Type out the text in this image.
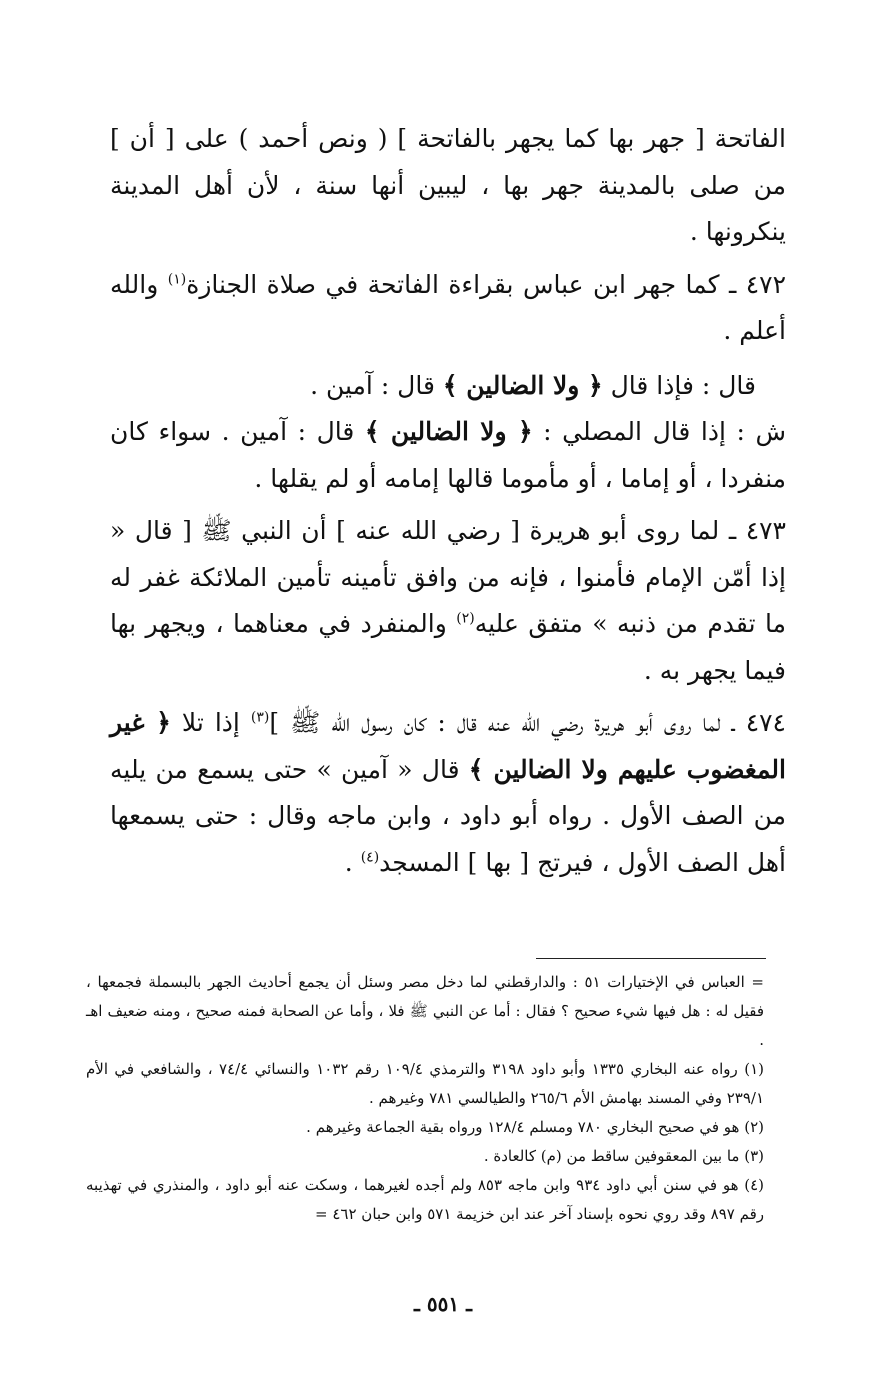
الفاتحة [ جهر بها كما يجهر بالفاتحة ] ( ونص أحمد ) على [ أن ] من صلى بالمدينة جهر بها ، ليبين أنها سنة ، لأن أهل المدينة ينكرونها .

٤٧٢ ـ كما جهر ابن عباس بقراءة الفاتحة في صلاة الجنازة$^{(١)}$ والله أعلم .

قال : فإذا قال ﴿ ولا الضالين ﴾ قال : آمين .

ش : إذا قال المصلي : ﴿ ولا الضالين ﴾ قال : آمين . سواء كان منفردا ، أو إماما ، أو مأموما قالها إمامه أو لم يقلها .

٤٧٣ ـ لما روى أبو هريرة [ رضي الله عنه ] أن النبي ﷺ [ قال « إذا أمّن الإمام فأمنوا ، فإنه من وافق تأمينه تأمين الملائكة غفر له ما تقدم من ذنبه » متفق عليه$^{(٢)}$ والمنفرد في معناهما ، ويجهر بها فيما يجهر به .

٤٧٤ ـ لما روى أبو هريرة رضي الله عنه قال : كان رسول الله ﷺ ]$^{(٣)}$ إذا تلا ﴿ غير المغضوب عليهم ولا الضالين ﴾ قال « آمين » حتى يسمع من يليه من الصف الأول . رواه أبو داود ، وابن ماجه وقال : حتى يسمعها أهل الصف الأول ، فيرتج [ بها ] المسجد$^{(٤)}$ .

= العباس في الإختيارات ٥١ : والدارقطني لما دخل مصر وسئل أن يجمع أحاديث الجهر بالبسملة فجمعها ، فقيل له : هل فيها شيء صحيح ؟ فقال : أما عن النبي ﷺ فلا ، وأما عن الصحابة فمنه صحيح ، ومنه ضعيف اهـ .

(١) رواه عنه البخاري ١٣٣٥ وأبو داود ٣١٩٨ والترمذي ١٠٩/٤ رقم ١٠٣٢ والنسائي ٧٤/٤ ، والشافعي في الأم ٢٣٩/١ وفي المسند بهامش الأم ٢٦٥/٦ والطيالسي ٧٨١ وغيرهم .

(٢) هو في صحيح البخاري ٧٨٠ ومسلم ١٢٨/٤ ورواه بقية الجماعة وغيرهم .

(٣) ما بين المعقوفين ساقط من (م) كالعادة .

(٤) هو في سنن أبي داود ٩٣٤ وابن ماجه ٨٥٣ ولم أجده لغيرهما ، وسكت عنه أبو داود ، والمنذري في تهذيبه رقم ٨٩٧ وقد روي نحوه بإسناد آخر عند ابن خزيمة ٥٧١ وابن حبان ٤٦٢ =

ـ ٥٥١ ـ
